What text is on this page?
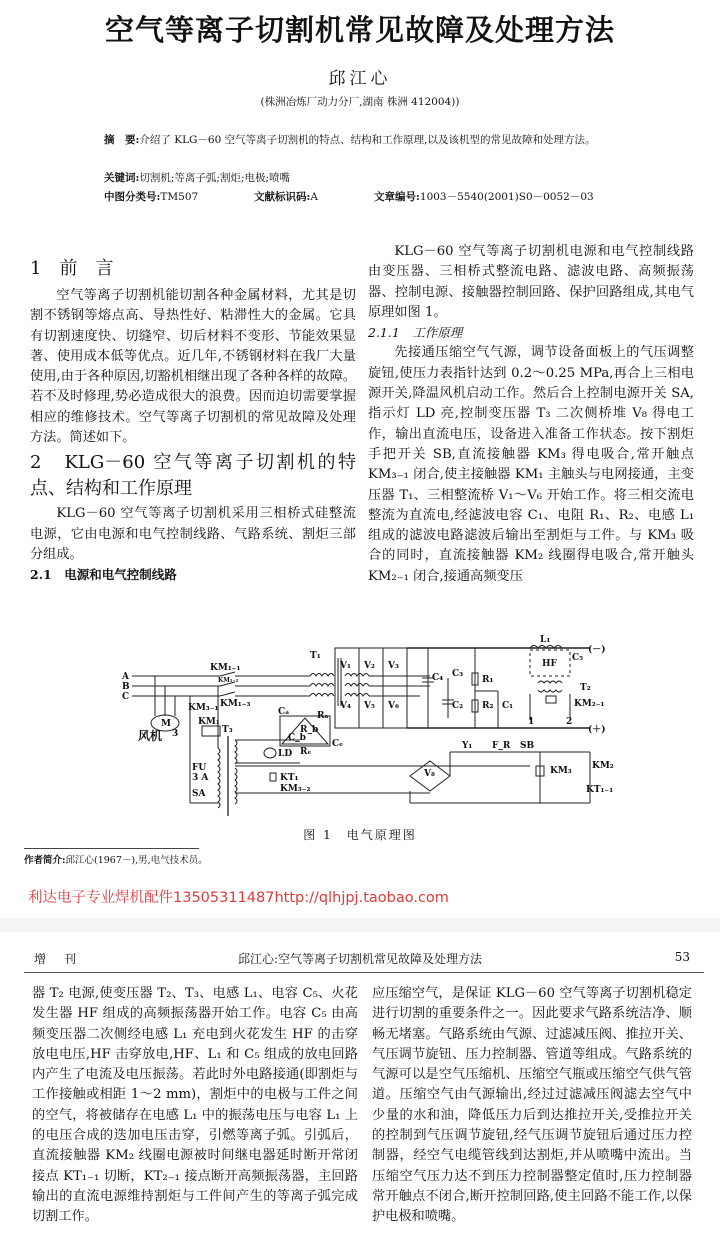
空气等离子切割机常见故障及处理方法
邱江心
(株洲冶炼厂动力分厂,湖南 株洲 412004))
摘　要:介绍了 KLG－60 空气等离子切割机的特点、结构和工作原理,以及该机型的常见故障和处理方法。
关键词:切割机;等离子弧;割炬;电极;喷嘴
中图分类号:TM507	文献标识码:A	文章编号:1003－5540(2001)S0－0052－03
1　前　言

空气等离子切割机能切割各种金属材料，尤其是切割不锈钢等熔点高、导热性好、粘滞性大的金属。它具有切割速度快、切缝窄、切后材料不变形、节能效果显著、使用成本低等优点。近几年,不锈钢材料在我厂大量使用,由于各种原因,切豁机相继出现了各种各样的故障。若不及时修理,势必造成很大的浪费。因而迫切需要掌握相应的维修技术。空气等离子切割机的常见故障及处理方法。简述如下。

2　KLG－60 空气等离子切割机的特点、结构和工作原理

KLG－60 空气等离子切割机采用三相桥式硅整流电源，它由电源和电气控制线路、气路系统、割炬三部分组成。

2.1　电源和电气控制线路

KLG－60 空气等离子切割机电源和电气控制线路由变压器、三相桥式整流电路、滤波电路、高频振荡器、控制电源、接触器控制回路、保护回路组成,其电气原理如图 1。

2.1.1　工作原理

先接通压缩空气气源，调节设备面板上的气压调整旋钮,使压力表指针达到 0.2～0.25 MPa,再合上三相电源开关,降温风机启动工作。然后合上控制电源开关 SA,指示灯 LD 亮,控制变压器 T₃ 二次侧桥堆 V₈ 得电工作，输出直流电压，设备进入准备工作状态。按下割炬手把开关 SB,直流接触器 KM₃ 得电吸合,常开触点 KM₃₋₁ 闭合,使主接触器 KM₁ 主触头与电网接通，主变压器 T₁、三相整流桥 V₁～V₆ 开始工作。将三相交流电整流为直流电,经滤波电容 C₁、电阻 R₁、R₂、电感 L₁ 组成的滤波电路滤波后输出至割炬与工件。与 KM₃ 吸合的同时，直流接触器 KM₂ 线圈得电吸合,常开触头 KM₂₋₁ 闭合,接通高频变压

A
B
C
KM₁₋₁
KM₁₋₂
KM₁₋₃
KM₃₋₁
KM₁
M
风机 3
T₁
T₃
T₂
Cₐ
R_b
Rₐ
C_b
Rₑ
Cₑ
V₁ V₂ V₃
V₄ V₅ V₆
C₄ C₃
C₂
R₁
R₂ C₁
L₁
HF
C₅
KM₂₋₁
(－)
(＋)
1	2
LD
KT₁
KM₃₋₂
FU
3 A
SA
V₈
Y₁ F_R SB
KM₃ KM₂
KT₁₋₁
图 1　电气原理图
作者简介:邱江心(1967－),男,电气技术员。
利达电子专业焊机配件13505311487http://qlhjpj.taobao.com
增　刊	邱江心:空气等离子切割机常见故障及处理方法	53

器 T₂ 电源,使变压器 T₂、T₃、电感 L₁、电容 C₅、火花发生器 HF 组成的高频振荡器开始工作。电容 C₅ 由高频变压器二次侧经电感 L₁ 充电到火花发生 HF 的击穿放电电压,HF 击穿放电,HF、L₁ 和 C₅ 组成的放电回路内产生了电流及电压振荡。若此时外电路接通(即割炬与工作接触或相距 1～2 mm)，割炬中的电极与工件之间的空气，将被储存在电感 L₁ 中的振荡电压与电容 L₁ 上的电压合成的迭加电压击穿，引燃等离子弧。引弧后，直流接触器 KM₂ 线圈电源被时间继电器延时断开常闭接点 KT₁₋₁ 切断，KT₂₋₁ 接点断开高频振荡器，主回路输出的直流电源维持割炬与工件间产生的等离子弧完成切割工作。

应压缩空气，是保证 KLG－60 空气等离子切割机稳定进行切割的重要条件之一。因此要求气路系统洁净、顺畅无堵塞。气路系统由气源、过滤减压阀、推拉开关、气压调节旋钮、压力控制器、管道等组成。气路系统的气源可以是空气压缩机、压缩空气瓶或压缩空气供气管道。压缩空气由气源输出,经过过滤减压阀滤去空气中少量的水和油，降低压力后到达推拉开关,受推拉开关的控制到气压调节旋钮,经气压调节旋钮后通过压力控制器，经空气电缆管线到达割炬,并从喷嘴中流出。当压缩空气压力达不到压力控制器整定值时,压力控制器常开触点不闭合,断开控制回路,使主回路不能工作,以保护电极和喷嘴。
